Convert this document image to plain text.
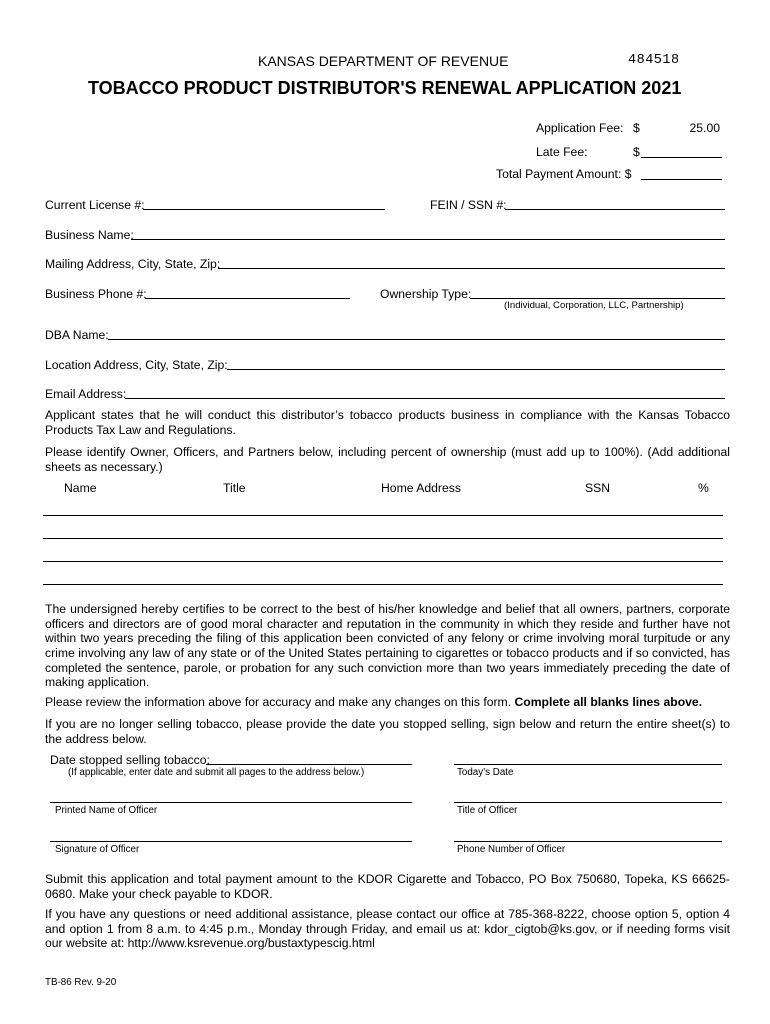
KANSAS DEPARTMENT OF REVENUE	484518
TOBACCO PRODUCT DISTRIBUTOR'S RENEWAL APPLICATION 2021
Application Fee: $	25.00
Late Fee:	$
Total Payment Amount: $
Current License #:	FEIN / SSN #:
Business Name:
Mailing Address, City, State, Zip:
Business Phone #:	Ownership Type:
(Individual, Corporation, LLC, Partnership)
DBA Name:
Location Address, City, State, Zip:
Email Address:
Applicant states that he will conduct this distributor’s tobacco products business in compliance with the Kansas Tobacco Products Tax Law and Regulations.
Please identify Owner, Officers, and Partners below, including percent of ownership (must add up to 100%). (Add additional sheets as necessary.)
Name	Title	Home Address	SSN	%
The undersigned hereby certifies to be correct to the best of his/her knowledge and belief that all owners, partners, corporate officers and directors are of good moral character and reputation in the community in which they reside and further have not within two years preceding the filing of this application been convicted of any felony or crime involving moral turpitude or any crime involving any law of any state or of the United States pertaining to cigarettes or tobacco products and if so convicted, has completed the sentence, parole, or probation for any such conviction more than two years immediately preceding the date of making application.
Please review the information above for accuracy and make any changes on this form. Complete all blanks lines above.
If you are no longer selling tobacco, please provide the date you stopped selling, sign below and return the entire sheet(s) to the address below.
Date stopped selling tobacco:
(If applicable, enter date and submit all pages to the address below.)	Today’s Date
Printed Name of Officer	Title of Officer
Signature of Officer	Phone Number of Officer
Submit this application and total payment amount to the KDOR Cigarette and Tobacco, PO Box 750680, Topeka, KS 66625-0680. Make your check payable to KDOR.
If you have any questions or need additional assistance, please contact our office at 785-368-8222, choose option 5, option 4 and option 1 from 8 a.m. to 4:45 p.m., Monday through Friday, and email us at: kdor_cigtob@ks.gov, or if needing forms visit our website at: http://www.ksrevenue.org/bustaxtypescig.html
TB-86 Rev. 9-20
